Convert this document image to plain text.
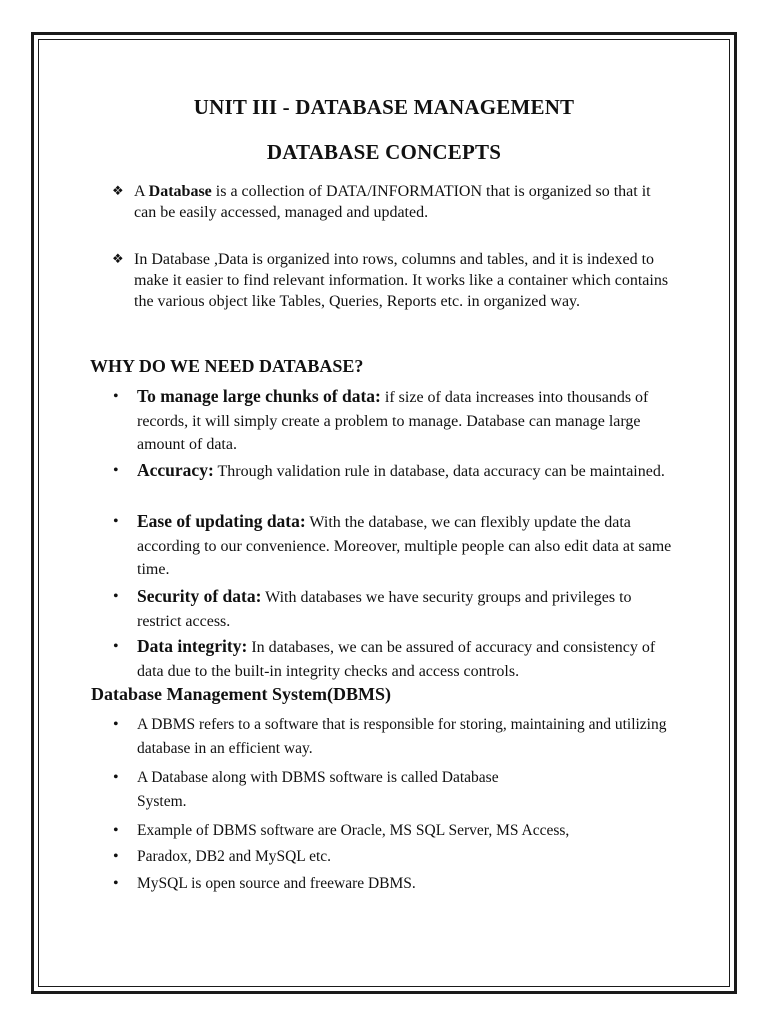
UNIT III - DATABASE MANAGEMENT
DATABASE CONCEPTS
❖ A Database is a collection of DATA/INFORMATION that is organized so that it can be easily accessed, managed and updated.
❖ In Database ,Data is organized into rows, columns and tables, and it is indexed to make it easier to find relevant information. It works like a container which contains the various object like Tables, Queries, Reports etc. in organized way.
WHY DO WE NEED DATABASE?
• To manage large chunks of data: if size of data increases into thousands of records, it will simply create a problem to manage. Database can manage large amount of data.
• Accuracy: Through validation rule in database, data accuracy can be maintained.
• Ease of updating data: With the database, we can flexibly update the data according to our convenience. Moreover, multiple people can also edit data at same time.
• Security of data: With databases we have security groups and privileges to restrict access.
• Data integrity: In databases, we can be assured of accuracy and consistency of data due to the built-in integrity checks and access controls.
Database Management System(DBMS)
• A DBMS refers to a software that is responsible for storing, maintaining and utilizing database in an efficient way.
• A Database along with DBMS software is called Database
System.
• Example of DBMS software are Oracle, MS SQL Server, MS Access,
• Paradox, DB2 and MySQL etc.
• MySQL is open source and freeware DBMS.
